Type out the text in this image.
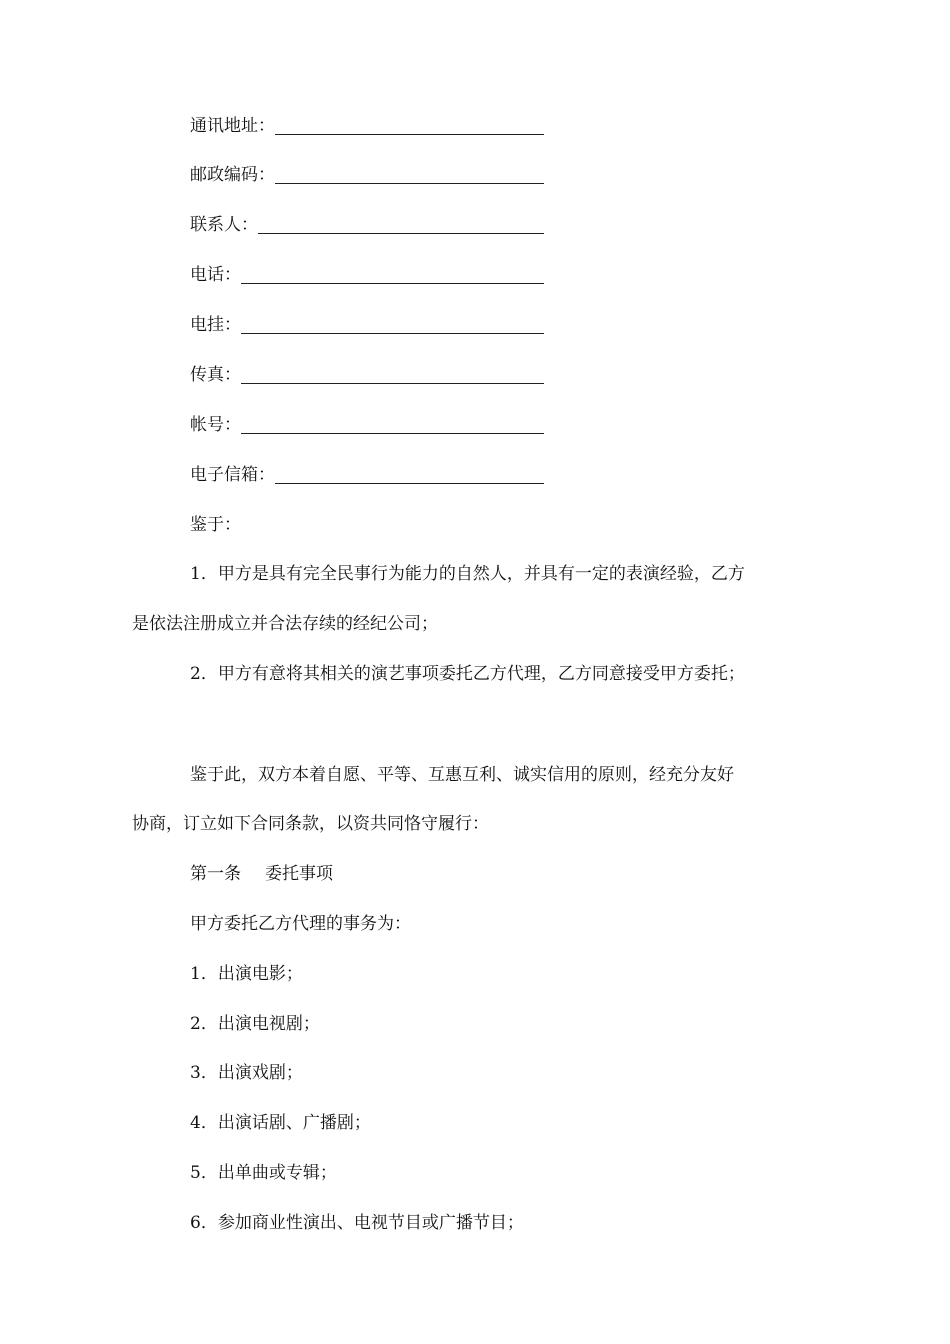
通讯地址：
邮政编码：
联系人：
电话：
电挂：
传真：
帐号：
电子信箱：
鉴于：
1．甲方是具有完全民事行为能力的自然人，并具有一定的表演经验，乙方
是依法注册成立并合法存续的经纪公司；
2．甲方有意将其相关的演艺事项委托乙方代理，乙方同意接受甲方委托；
鉴于此，双方本着自愿、平等、互惠互利、诚实信用的原则，经充分友好
协商，订立如下合同条款，以资共同恪守履行：
第一条 委托事项
甲方委托乙方代理的事务为：
1．出演电影；
2．出演电视剧；
3．出演戏剧；
4．出演话剧、广播剧；
5．出单曲或专辑；
6．参加商业性演出、电视节目或广播节目；
